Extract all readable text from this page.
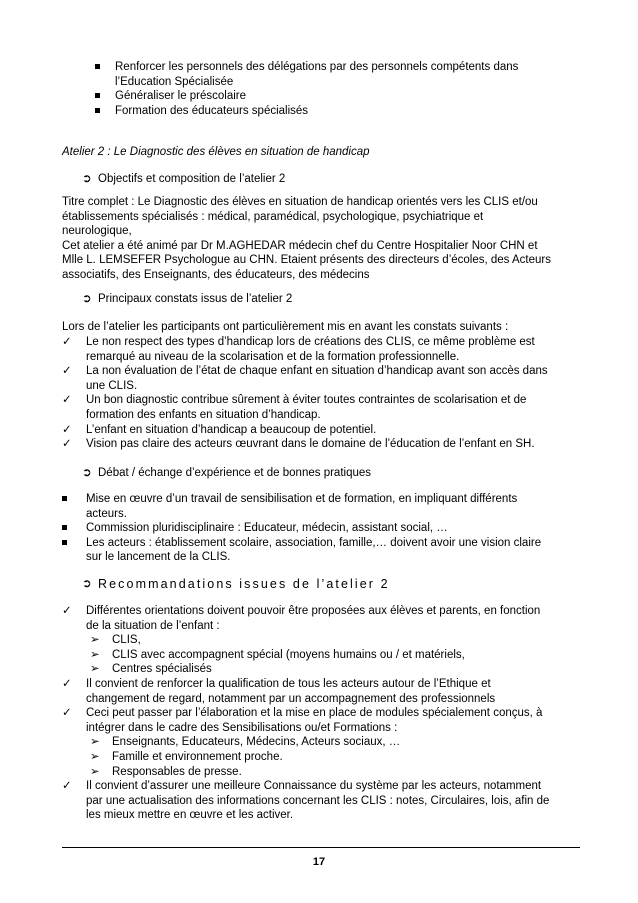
Renforcer les personnels des délégations par des personnels compétents dans
l’Education Spécialisée
Généraliser le préscolaire
Formation des éducateurs spécialisés
Atelier 2 : Le Diagnostic des élèves en situation de handicap
➲ Objectifs et composition de l’atelier 2
Titre complet : Le Diagnostic des élèves en situation de handicap orientés vers les CLIS et/ou
établissements spécialisés : médical, paramédical, psychologique, psychiatrique et
neurologique,
Cet atelier a été animé par Dr M.AGHEDAR médecin chef du Centre Hospitalier Noor CHN et
Mlle L. LEMSEFER Psychologue au CHN. Etaient présents des directeurs d’écoles, des Acteurs
associatifs, des Enseignants, des éducateurs, des médecins
➲ Principaux constats issus de l’atelier 2
Lors de l’atelier les participants ont particulièrement mis en avant les constats suivants :
✓ Le non respect des types d’handicap lors de créations des CLIS, ce même problème est
remarqué au niveau de la scolarisation et de la formation professionnelle.
✓ La non évaluation de l’état de chaque enfant en situation d’handicap avant son accès dans
une CLIS.
✓ Un bon diagnostic contribue sûrement à éviter toutes contraintes de scolarisation et de
formation des enfants en situation d’handicap.
✓ L’enfant en situation d’handicap a beaucoup de potentiel.
✓ Vision pas claire des acteurs œuvrant dans le domaine de l’éducation de l’enfant en SH.
➲ Débat / échange d’expérience et de bonnes pratiques
Mise en œuvre d’un travail de sensibilisation et de formation, en impliquant différents
acteurs.
Commission pluridisciplinaire : Educateur, médecin, assistant social, …
Les acteurs : établissement scolaire, association, famille,… doivent avoir une vision claire
sur le lancement de la CLIS.
➲ Recommandations issues de l’atelier 2
✓ Différentes orientations doivent pouvoir être proposées aux élèves et parents, en fonction
de la situation de l’enfant :
➢ CLIS,
➢ CLIS avec accompagnent spécial (moyens humains ou / et matériels,
➢ Centres spécialisés
✓ Il convient de renforcer la qualification de tous les acteurs autour de l’Ethique et
changement de regard, notamment par un accompagnement des professionnels
✓ Ceci peut passer par l’élaboration et la mise en place de modules spécialement conçus, à
intégrer dans le cadre des Sensibilisations ou/et Formations :
➢ Enseignants, Educateurs, Médecins, Acteurs sociaux, …
➢ Famille et environnement proche.
➢ Responsables de presse.
✓ Il convient d’assurer une meilleure Connaissance du système par les acteurs, notamment
par une actualisation des informations concernant les CLIS : notes, Circulaires, lois, afin de
les mieux mettre en œuvre et les activer.
17
